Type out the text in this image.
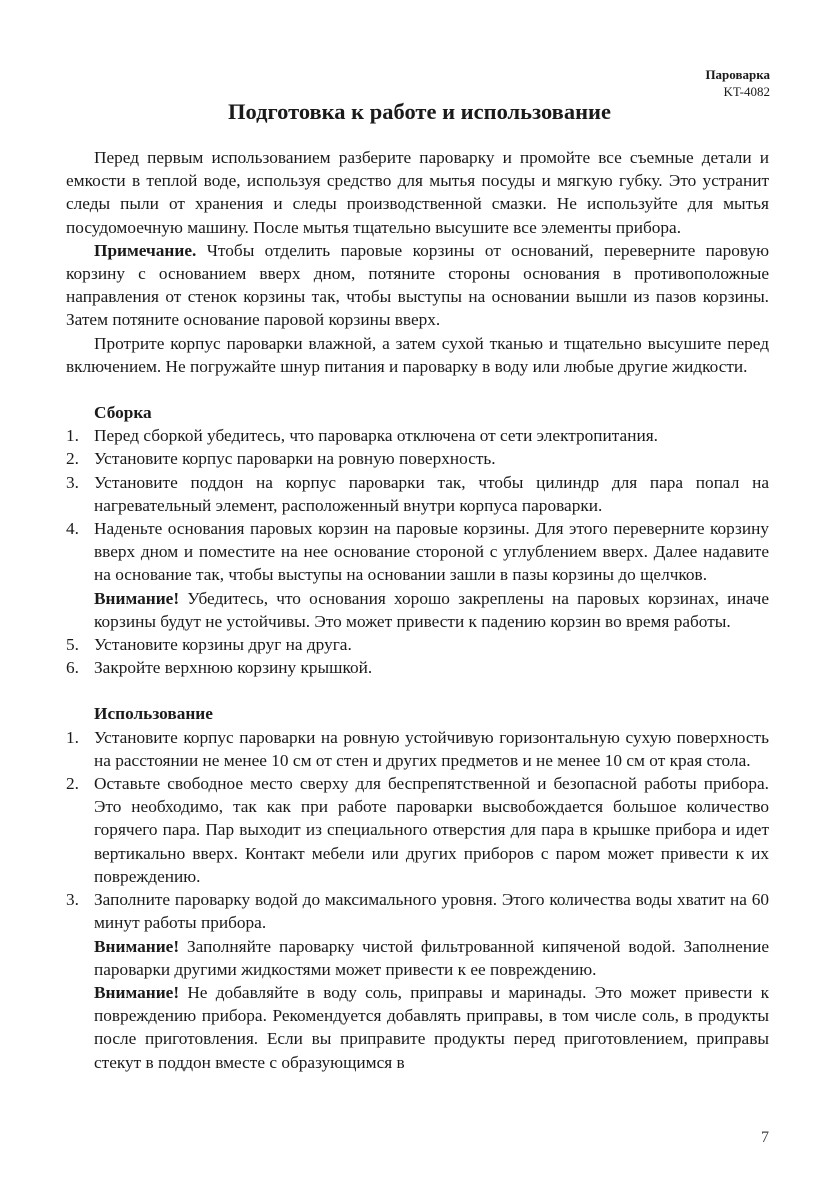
Пароварка
KT-4082
Подготовка к работе и использование

Перед первым использованием разберите пароварку и промойте все съемные детали и емкости в теплой воде, используя средство для мытья посуды и мягкую губку. Это устранит следы пыли от хранения и следы производственной смазки. Не используйте для мытья посудомоечную машину. После мытья тщательно высушите все элементы прибора.

Примечание. Чтобы отделить паровые корзины от оснований, переверните паровую корзину с основанием вверх дном, потяните стороны основания в противоположные направления от стенок корзины так, чтобы выступы на основании вышли из пазов корзины. Затем потяните основание паровой корзины вверх.

Протрите корпус пароварки влажной, а затем сухой тканью и тщательно высушите перед включением. Не погружайте шнур питания и пароварку в воду или любые другие жидкости.

Сборка
1. Перед сборкой убедитесь, что пароварка отключена от сети электропитания.
2. Установите корпус пароварки на ровную поверхность.
3. Установите поддон на корпус пароварки так, чтобы цилиндр для пара попал на нагревательный элемент, расположенный внутри корпуса пароварки.
4. Наденьте основания паровых корзин на паровые корзины. Для этого переверните корзину вверх дном и поместите на нее основание стороной с углублением вверх. Далее надавите на основание так, чтобы выступы на основании зашли в пазы корзины до щелчков.
Внимание! Убедитесь, что основания хорошо закреплены на паровых корзинах, иначе корзины будут не устойчивы. Это может привести к падению корзин во время работы.
5. Установите корзины друг на друга.
6. Закройте верхнюю корзину крышкой.
Использование
1. Установите корпус пароварки на ровную устойчивую горизонтальную сухую поверхность на расстоянии не менее 10 см от стен и других предметов и не менее 10 см от края стола.
2. Оставьте свободное место сверху для беспрепятственной и безопасной работы прибора. Это необходимо, так как при работе пароварки высвобождается большое количество горячего пара. Пар выходит из специального отверстия для пара в крышке прибора и идет вертикально вверх. Контакт мебели или других приборов с паром может привести к их повреждению.
3. Заполните пароварку водой до максимального уровня. Этого количества воды хватит на 60 минут работы прибора.
Внимание! Заполняйте пароварку чистой фильтрованной кипяченой водой. Заполнение пароварки другими жидкостями может привести к ее повреждению.
Внимание! Не добавляйте в воду соль, приправы и маринады. Это может привести к повреждению прибора. Рекомендуется добавлять приправы, в том числе соль, в продукты после приготовления. Если вы приправите продукты перед приготовлением, приправы стекут в поддон вместе с образующимся в
7
